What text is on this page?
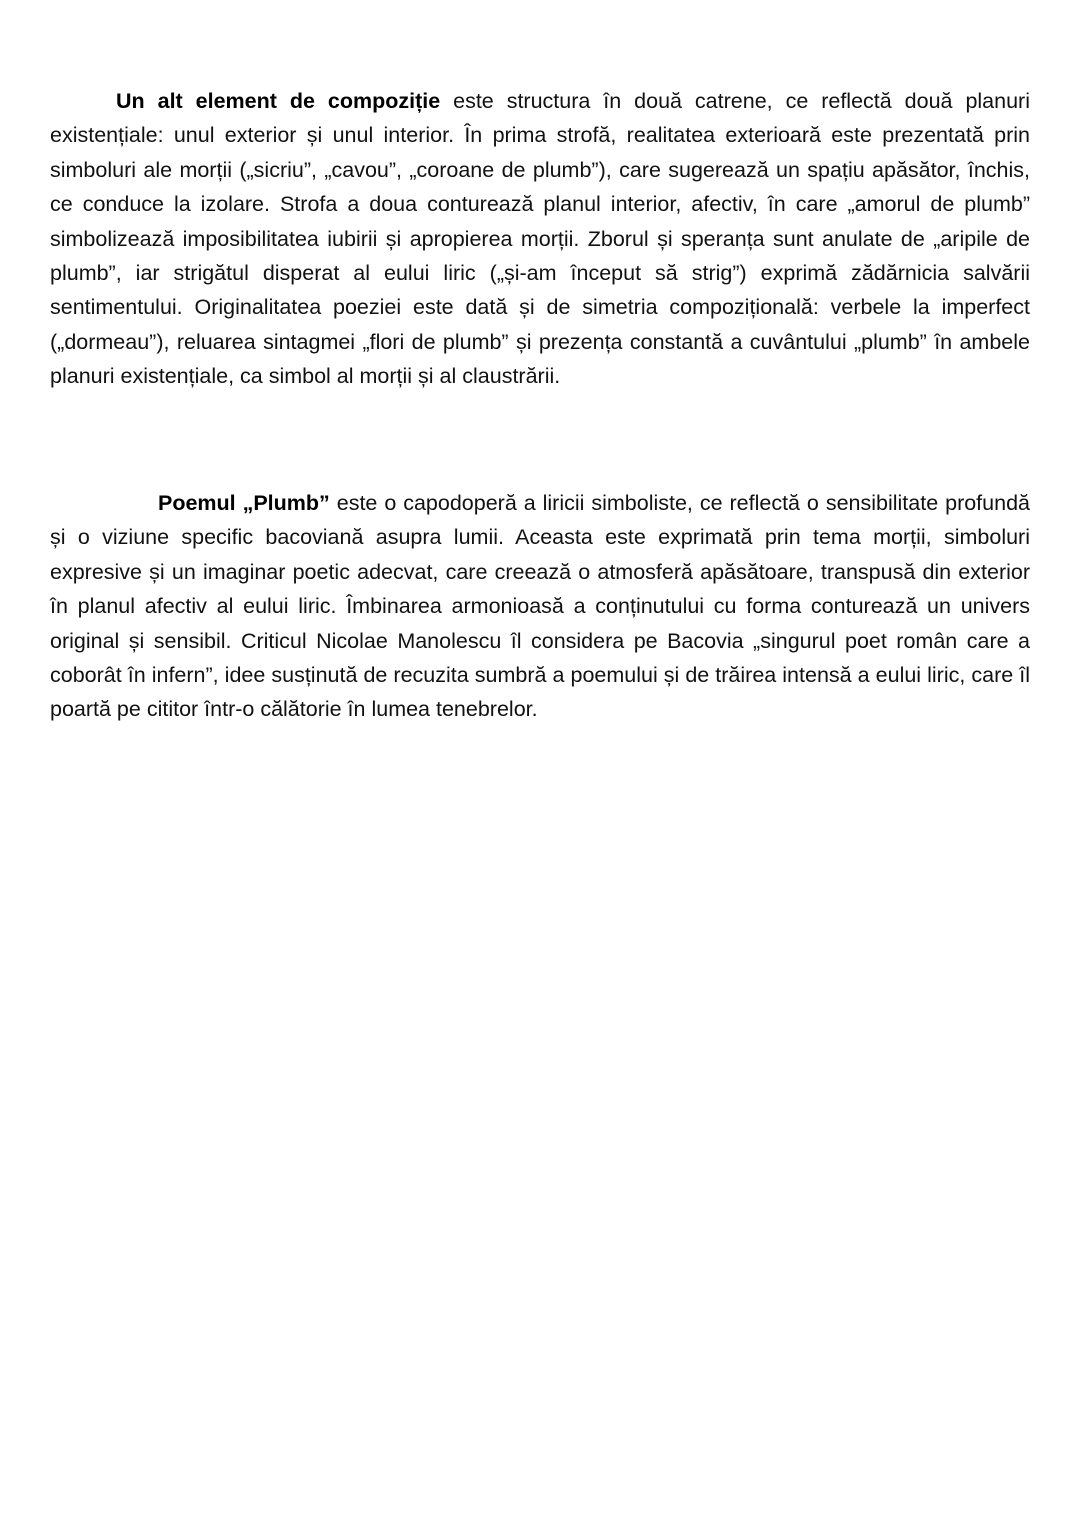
Un alt element de compoziție este structura în două catrene, ce reflectă două planuri existențiale: unul exterior și unul interior. În prima strofă, realitatea exterioară este prezentată prin simboluri ale morții („sicriu”, „cavou”, „coroane de plumb”), care sugerează un spațiu apăsător, închis, ce conduce la izolare. Strofa a doua conturează planul interior, afectiv, în care „amorul de plumb” simbolizează imposibilitatea iubirii și apropierea morții. Zborul și speranța sunt anulate de „aripile de plumb”, iar strigătul disperat al eului liric („și-am început să strig”) exprimă zădărnicia salvării sentimentului. Originalitatea poeziei este dată și de simetria compozițională: verbele la imperfect („dormeau”), reluarea sintagmei „flori de plumb” și prezența constantă a cuvântului „plumb” în ambele planuri existențiale, ca simbol al morții și al claustrării.

Poemul „Plumb” este o capodoperă a liricii simboliste, ce reflectă o sensibilitate profundă și o viziune specific bacoviană asupra lumii. Aceasta este exprimată prin tema morții, simboluri expresive și un imaginar poetic adecvat, care creează o atmosferă apăsătoare, transpusă din exterior în planul afectiv al eului liric. Îmbinarea armonioasă a conținutului cu forma conturează un univers original și sensibil. Criticul Nicolae Manolescu îl considera pe Bacovia „singurul poet român care a coborât în infern”, idee susținută de recuzita sumbră a poemului și de trăirea intensă a eului liric, care îl poartă pe cititor într-o călătorie în lumea tenebrelor.
